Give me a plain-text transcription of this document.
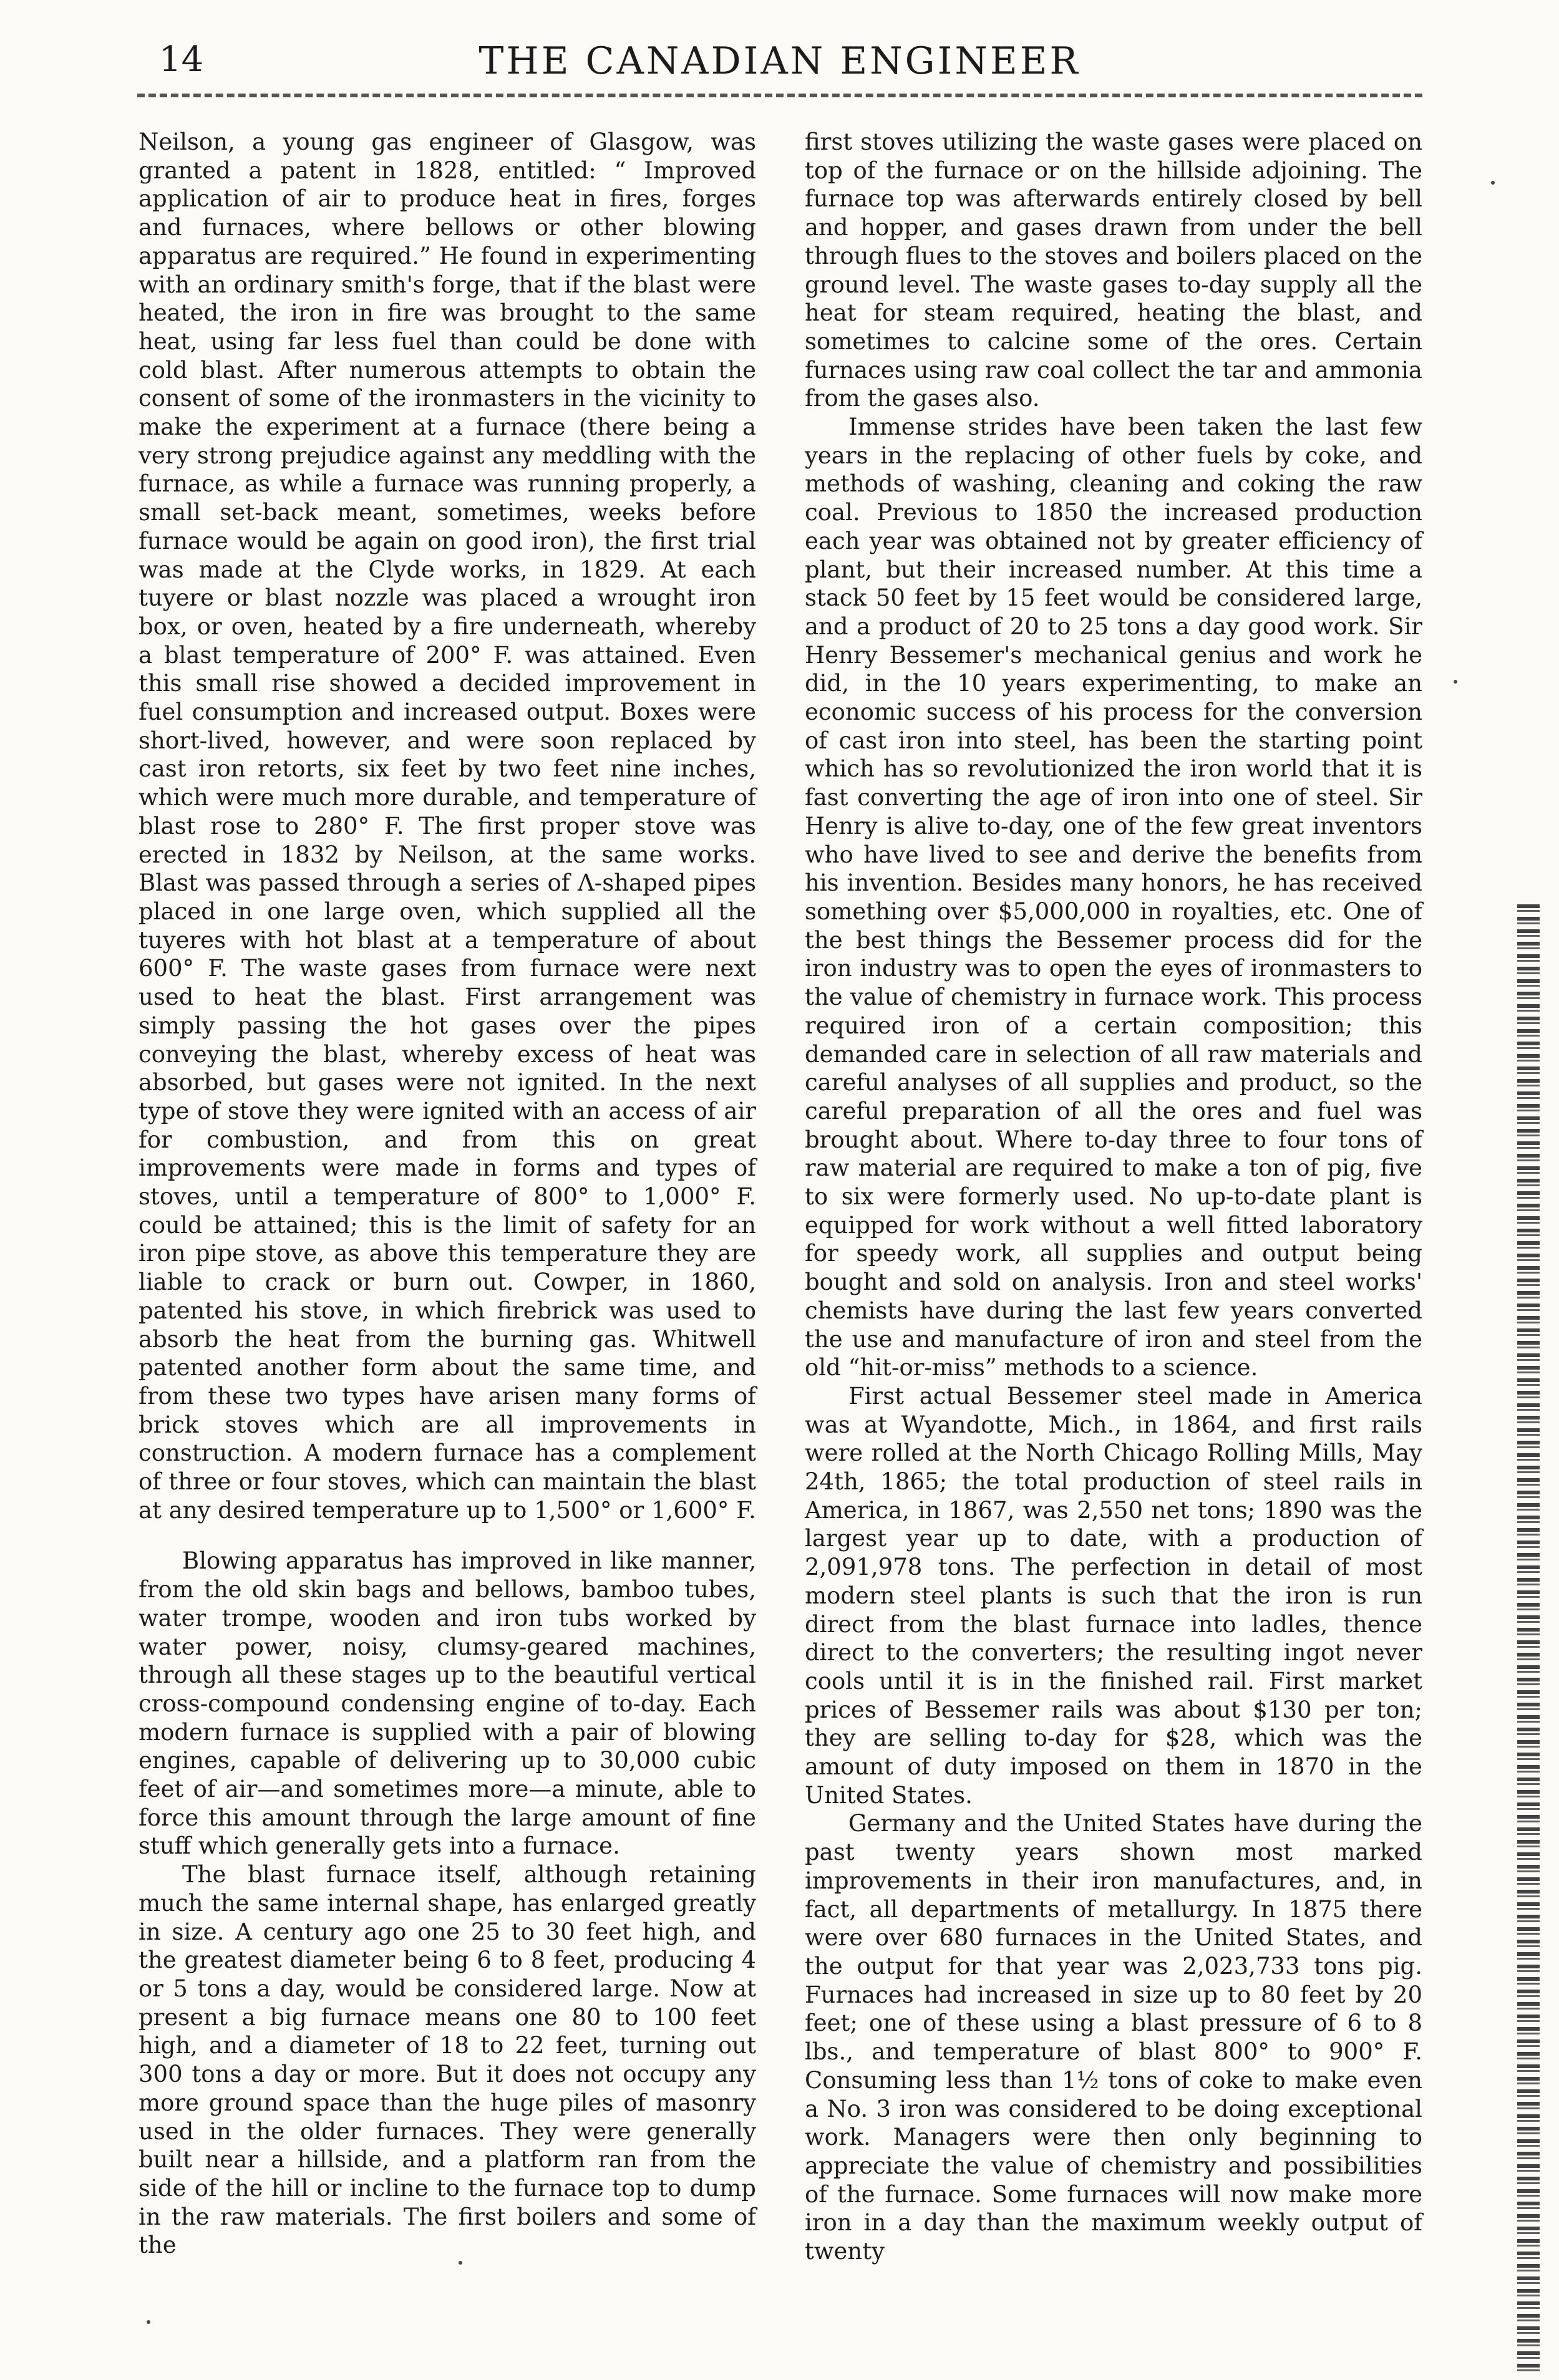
14	THE CANADIAN ENGINEER

Neilson, a young gas engineer of Glasgow, was granted a patent in 1828, entitled: “ Improved application of air to produce heat in fires, forges and furnaces, where bellows or other blowing apparatus are required.” He found in experimenting with an ordinary smith's forge, that if the blast were heated, the iron in fire was brought to the same heat, using far less fuel than could be done with cold blast. After numerous attempts to obtain the consent of some of the ironmasters in the vicinity to make the experiment at a furnace (there being a very strong prejudice against any meddling with the furnace, as while a furnace was running properly, a small set-back meant, sometimes, weeks before furnace would be again on good iron), the first trial was made at the Clyde works, in 1829. At each tuyere or blast nozzle was placed a wrought iron box, or oven, heated by a fire underneath, whereby a blast temperature of 200° F. was attained. Even this small rise showed a decided improvement in fuel consumption and increased output. Boxes were short-lived, however, and were soon replaced by cast iron retorts, six feet by two feet nine inches, which were much more durable, and temperature of blast rose to 280° F. The first proper stove was erected in 1832 by Neilson, at the same works. Blast was passed through a series of Λ-shaped pipes placed in one large oven, which supplied all the tuyeres with hot blast at a temperature of about 600° F. The waste gases from furnace were next used to heat the blast. First arrangement was simply passing the hot gases over the pipes conveying the blast, whereby excess of heat was absorbed, but gases were not ignited. In the next type of stove they were ignited with an access of air for combustion, and from this on great improvements were made in forms and types of stoves, until a temperature of 800° to 1,000° F. could be attained; this is the limit of safety for an iron pipe stove, as above this temperature they are liable to crack or burn out. Cowper, in 1860, patented his stove, in which firebrick was used to absorb the heat from the burning gas. Whitwell patented another form about the same time, and from these two types have arisen many forms of brick stoves which are all improvements in construction. A modern furnace has a complement of three or four stoves, which can maintain the blast at any desired temperature up to 1,500° or 1,600° F.

Blowing apparatus has improved in like manner, from the old skin bags and bellows, bamboo tubes, water trompe, wooden and iron tubs worked by water power, noisy, clumsy-geared machines, through all these stages up to the beautiful vertical cross-compound condensing engine of to-day. Each modern furnace is supplied with a pair of blowing engines, capable of delivering up to 30,000 cubic feet of air—and sometimes more—a minute, able to force this amount through the large amount of fine stuff which generally gets into a furnace.

The blast furnace itself, although retaining much the same internal shape, has enlarged greatly in size. A century ago one 25 to 30 feet high, and the greatest diameter being 6 to 8 feet, producing 4 or 5 tons a day, would be considered large. Now at present a big furnace means one 80 to 100 feet high, and a diameter of 18 to 22 feet, turning out 300 tons a day or more. But it does not occupy any more ground space than the huge piles of masonry used in the older furnaces. They were generally built near a hillside, and a platform ran from the side of the hill or incline to the furnace top to dump in the raw materials. The first boilers and some of the

first stoves utilizing the waste gases were placed on top of the furnace or on the hillside adjoining. The furnace top was afterwards entirely closed by bell and hopper, and gases drawn from under the bell through flues to the stoves and boilers placed on the ground level. The waste gases to-day supply all the heat for steam required, heating the blast, and sometimes to calcine some of the ores. Certain furnaces using raw coal collect the tar and ammonia from the gases also.

Immense strides have been taken the last few years in the replacing of other fuels by coke, and methods of washing, cleaning and coking the raw coal. Previous to 1850 the increased production each year was obtained not by greater efficiency of plant, but their increased number. At this time a stack 50 feet by 15 feet would be considered large, and a product of 20 to 25 tons a day good work. Sir Henry Bessemer's mechanical genius and work he did, in the 10 years experimenting, to make an economic success of his process for the conversion of cast iron into steel, has been the starting point which has so revolutionized the iron world that it is fast converting the age of iron into one of steel. Sir Henry is alive to-day, one of the few great inventors who have lived to see and derive the benefits from his invention. Besides many honors, he has received something over $5,000,000 in royalties, etc. One of the best things the Bessemer process did for the iron industry was to open the eyes of ironmasters to the value of chemistry in furnace work. This process required iron of a certain composition; this demanded care in selection of all raw materials and careful analyses of all supplies and product, so the careful preparation of all the ores and fuel was brought about. Where to-day three to four tons of raw material are required to make a ton of pig, five to six were formerly used. No up-to-date plant is equipped for work without a well fitted laboratory for speedy work, all supplies and output being bought and sold on analysis. Iron and steel works' chemists have during the last few years converted the use and manufacture of iron and steel from the old “hit-or-miss” methods to a science.

First actual Bessemer steel made in America was at Wyandotte, Mich., in 1864, and first rails were rolled at the North Chicago Rolling Mills, May 24th, 1865; the total production of steel rails in America, in 1867, was 2,550 net tons; 1890 was the largest year up to date, with a production of 2,091,978 tons. The perfection in detail of most modern steel plants is such that the iron is run direct from the blast furnace into ladles, thence direct to the converters; the resulting ingot never cools until it is in the finished rail. First market prices of Bessemer rails was about $130 per ton; they are selling to-day for $28, which was the amount of duty imposed on them in 1870 in the United States.

Germany and the United States have during the past twenty years shown most marked improvements in their iron manufactures, and, in fact, all departments of metallurgy. In 1875 there were over 680 furnaces in the United States, and the output for that year was 2,023,733 tons pig. Furnaces had increased in size up to 80 feet by 20 feet; one of these using a blast pressure of 6 to 8 lbs., and temperature of blast 800° to 900° F. Consuming less than 1½ tons of coke to make even a No. 3 iron was considered to be doing exceptional work. Managers were then only beginning to appreciate the value of chemistry and possibilities of the furnace. Some furnaces will now make more iron in a day than the maximum weekly output of twenty
